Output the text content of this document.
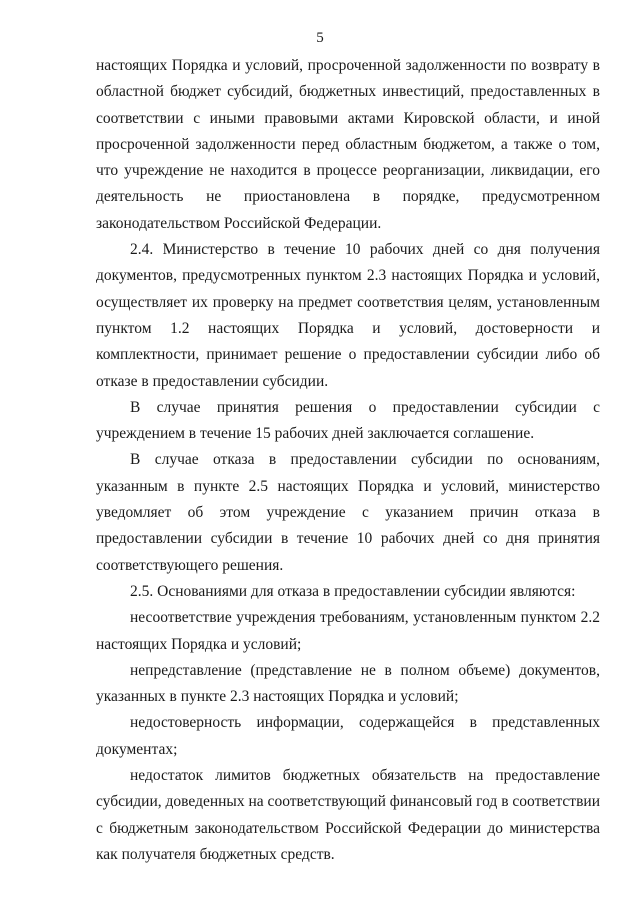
5

настоящих Порядка и условий, просроченной задолженности по возврату в областной бюджет субсидий, бюджетных инвестиций, предоставленных в соответствии с иными правовыми актами Кировской области, и иной просроченной задолженности перед областным бюджетом, а также о том, что учреждение не находится в процессе реорганизации, ликвидации, его деятельность не приостановлена в порядке, предусмотренном законодательством Российской Федерации.

2.4. Министерство в течение 10 рабочих дней со дня получения документов, предусмотренных пунктом 2.3 настоящих Порядка и условий, осуществляет их проверку на предмет соответствия целям, установленным пунктом 1.2 настоящих Порядка и условий, достоверности и комплектности, принимает решение о предоставлении субсидии либо об отказе в предоставлении субсидии.

В случае принятия решения о предоставлении субсидии с учреждением в течение 15 рабочих дней заключается соглашение.

В случае отказа в предоставлении субсидии по основаниям, указанным в пункте 2.5 настоящих Порядка и условий, министерство уведомляет об этом учреждение с указанием причин отказа в предоставлении субсидии в течение 10 рабочих дней со дня принятия соответствующего решения.

2.5. Основаниями для отказа в предоставлении субсидии являются:

несоответствие учреждения требованиям, установленным пунктом 2.2 настоящих Порядка и условий;

непредставление (представление не в полном объеме) документов, указанных в пункте 2.3 настоящих Порядка и условий;

недостоверность информации, содержащейся в представленных документах;

недостаток лимитов бюджетных обязательств на предоставление субсидии, доведенных на соответствующий финансовый год в соответствии с бюджетным законодательством Российской Федерации до министерства как получателя бюджетных средств.
